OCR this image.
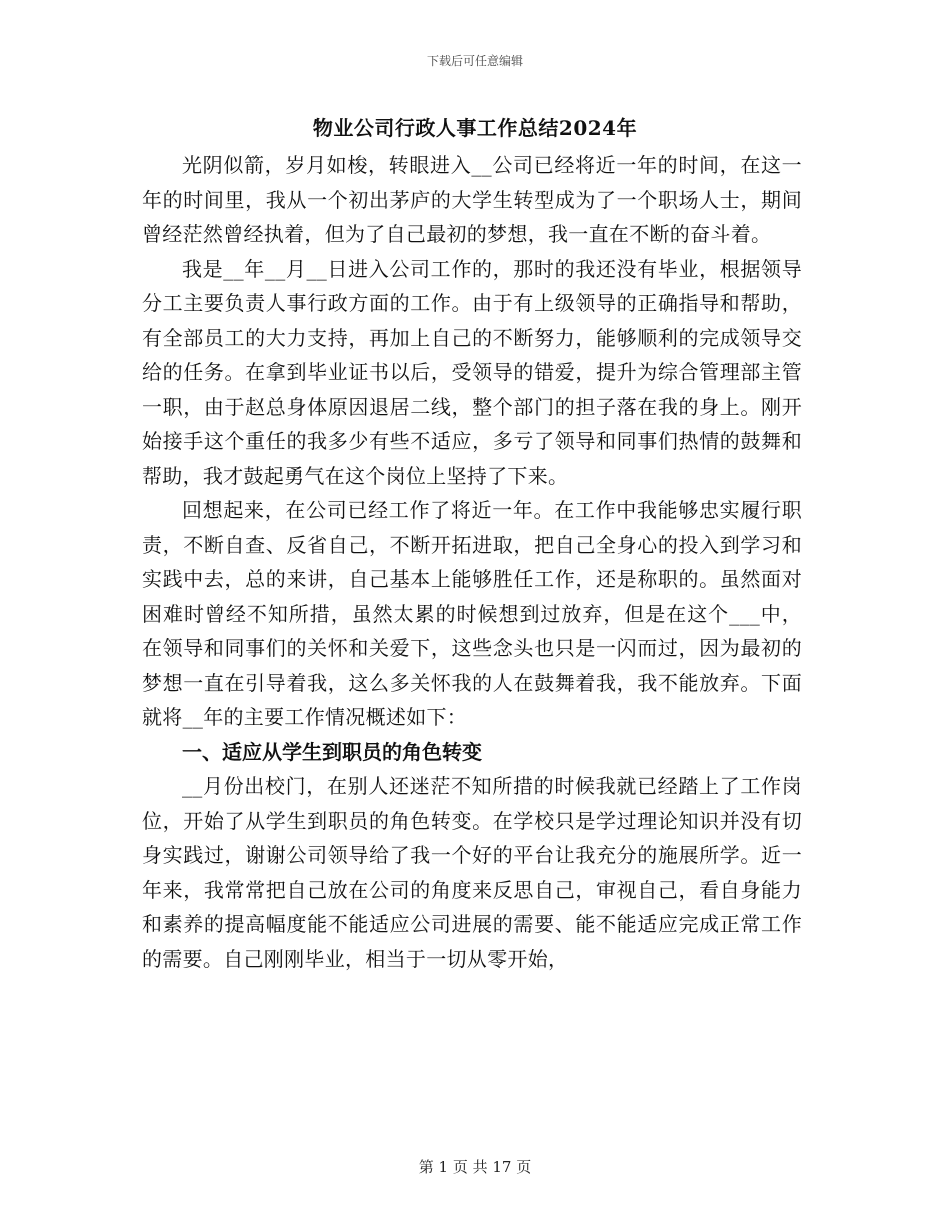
下载后可任意编辑
物业公司行政人事工作总结2024年

光阴似箭，岁月如梭，转眼进入__公司已经将近一年的时间，在这一年的时间里，我从一个初出茅庐的大学生转型成为了一个职场人士，期间曾经茫然曾经执着，但为了自己最初的梦想，我一直在不断的奋斗着。

我是__年__月__日进入公司工作的，那时的我还没有毕业，根据领导分工主要负责人事行政方面的工作。由于有上级领导的正确指导和帮助，有全部员工的大力支持，再加上自己的不断努力，能够顺利的完成领导交给的任务。在拿到毕业证书以后，受领导的错爱，提升为综合管理部主管一职，由于赵总身体原因退居二线，整个部门的担子落在我的身上。刚开始接手这个重任的我多少有些不适应，多亏了领导和同事们热情的鼓舞和帮助，我才鼓起勇气在这个岗位上坚持了下来。

回想起来，在公司已经工作了将近一年。在工作中我能够忠实履行职责，不断自查、反省自己，不断开拓进取，把自己全身心的投入到学习和实践中去，总的来讲，自己基本上能够胜任工作，还是称职的。虽然面对困难时曾经不知所措，虽然太累的时候想到过放弃，但是在这个___中，在领导和同事们的关怀和关爱下，这些念头也只是一闪而过，因为最初的梦想一直在引导着我，这么多关怀我的人在鼓舞着我，我不能放弃。下面就将__年的主要工作情况概述如下：

一、适应从学生到职员的角色转变

__月份出校门，在别人还迷茫不知所措的时候我就已经踏上了工作岗位，开始了从学生到职员的角色转变。在学校只是学过理论知识并没有切身实践过，谢谢公司领导给了我一个好的平台让我充分的施展所学。近一年来，我常常把自己放在公司的角度来反思自己，审视自己，看自身能力和素养的提高幅度能不能适应公司进展的需要、能不能适应完成正常工作的需要。自己刚刚毕业，相当于一切从零开始，

第 1 页 共 17 页
